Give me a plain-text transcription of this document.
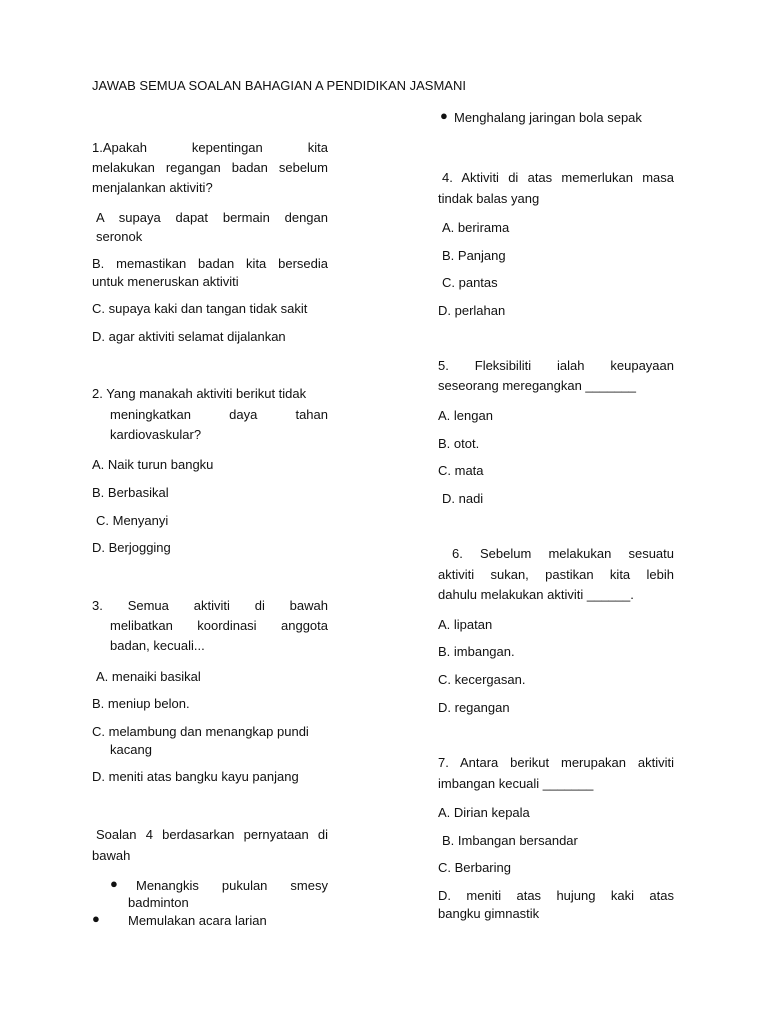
JAWAB SEMUA SOALAN BAHAGIAN A PENDIDIKAN JASMANI

1.Apakah kepentingan kita

melakukan regangan badan sebelum

menjalankan aktiviti?

A supaya dapat bermain dengan

seronok

B. memastikan badan kita bersedia

untuk meneruskan aktiviti

C. supaya kaki dan tangan tidak sakit

D. agar aktiviti selamat dijalankan

2. Yang manakah aktiviti berikut tidak

meningkatkan daya tahan

kardiovaskular?

A. Naik turun bangku

B. Berbasikal

C. Menyanyi

D. Berjogging

3. Semua aktiviti di bawah

melibatkan koordinasi anggota

badan, kecuali...

A. menaiki basikal

B. meniup belon.

C. melambung dan menangkap pundi

kacang

D. meniti atas bangku kayu panjang

Soalan 4 berdasarkan pernyataan di

bawah

● Menangkis pukulan smesy

badminton

● Memulakan acara larian

● Menghalang jaringan bola sepak

4. Aktiviti di atas memerlukan masa

tindak balas yang

A. berirama

B. Panjang

C. pantas

D. perlahan

5. Fleksibiliti ialah keupayaan

seseorang meregangkan _______

A. lengan

B. otot.

C. mata

D. nadi

6. Sebelum melakukan sesuatu

aktiviti sukan, pastikan kita lebih

dahulu melakukan aktiviti ______.

A. lipatan

B. imbangan.

C. kecergasan.

D. regangan

7. Antara berikut merupakan aktiviti

imbangan kecuali _______

A. Dirian kepala

B. Imbangan bersandar

C. Berbaring

D. meniti atas hujung kaki atas

bangku gimnastik
